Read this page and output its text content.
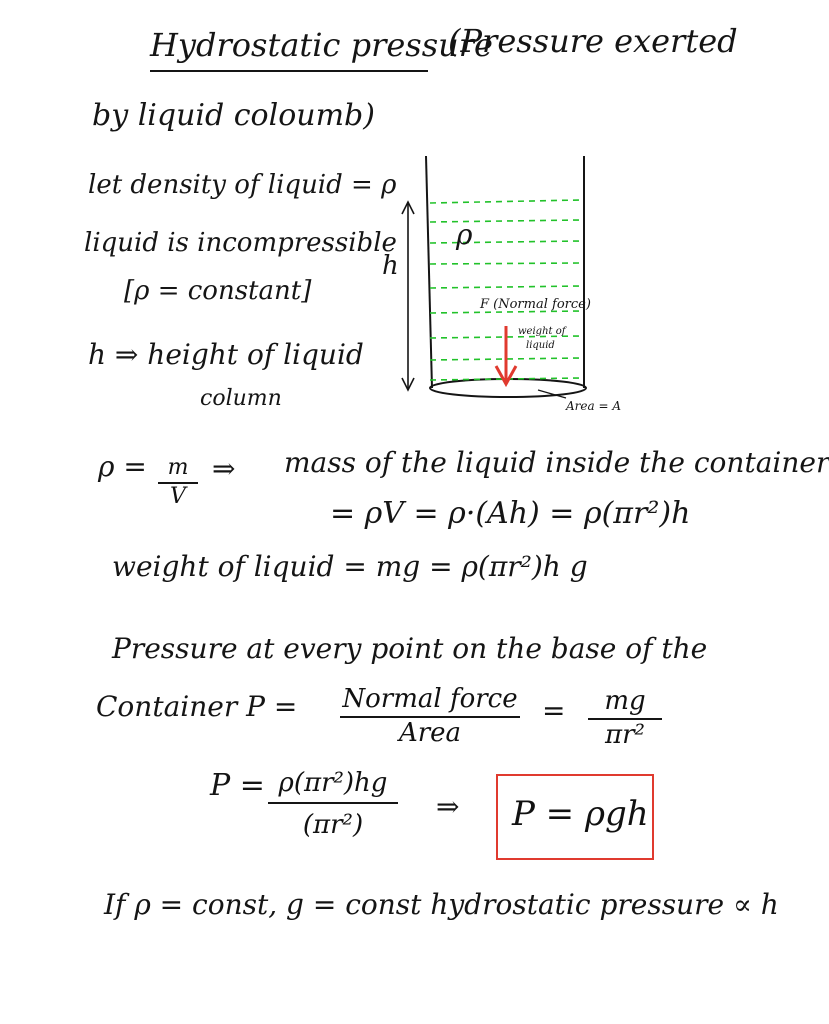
Hydrostatic pressure
(Pressure exerted
by liquid coloumb)
let density of liquid = ρ
liquid is incompressible
[ρ = constant]
h ⇒ height of liquid
column
h
ρ
F (Normal force)
weight of
liquid
Area = A
$\rho = \frac{m}{V}$ ⇒ mass of the liquid inside the container
= ρV = ρ·(Ah) = ρ(πr²)h
weight of liquid = mg = ρ(πr²)h g
Pressure at every point on the base of the
Container P = Normal force
Area
= $\frac{mg}{\text{πr²}}$
$P = \frac{\text{ρ(πr²)hg}}{\text{(πr²)}}$ ⇒ P = ρgh
If ρ = const, g = const hydrostatic pressure ∝ h
